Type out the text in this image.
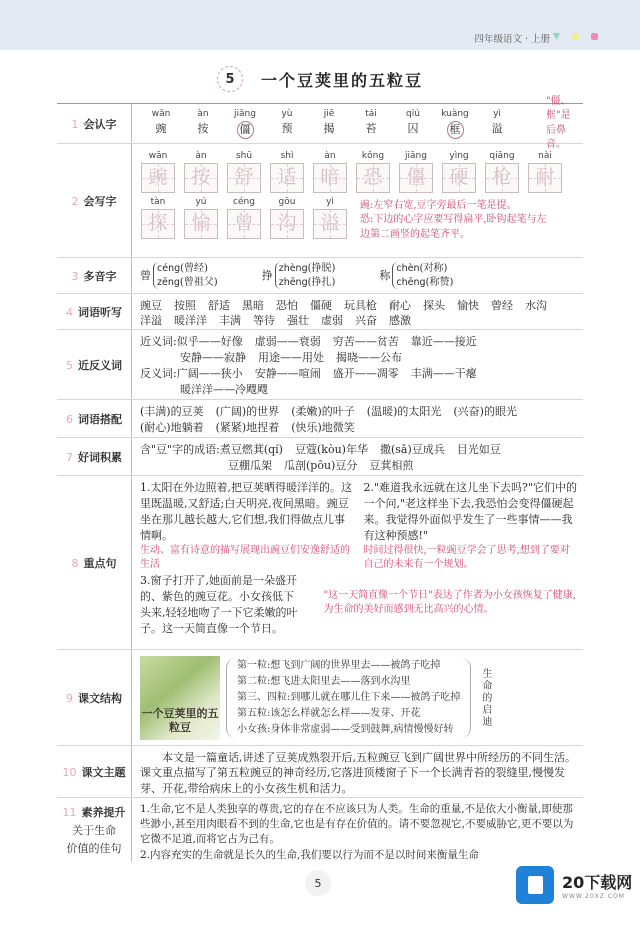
四年级语文 · 上册
5	一个豆荚里的五粒豆
1 会认字
wān
豌
àn
按
jiāng
僵
yù
预
jiē
揭
tái
苔
qiú
囚
kuàng
框
yì
溢
"僵、框"是后鼻音。
2 会写字
wān
豌
àn
按
shū
舒
shì
适
àn
暗
kǒng
恐
jiāng
僵
yìng
硬
qiāng
枪
nài
耐
tàn
探
yú
愉
céng
曾
gōu
沟
yì
溢
豌:左窄右宽,豆字旁最后一笔是提。
恐:下边的心字应要写得扁平,卧钩起笔与左边第二画竖的起笔齐平。
3 多音字 曾
céng(曾经)
zēng(曾祖父)
挣
zhèng(挣脱)
zhēng(挣扎)
称
chèn(对称)
chēng(称赞)
4 词语听写 豌豆 按照 舒适 黑暗 恐怕 僵硬 玩具枪 耐心 探头 愉快 曾经 水沟
洋溢 暖洋洋 丰满 等待 强壮 虚弱 兴奋 感激
5 近反义词
近义词:似乎——好像 虚弱——衰弱 穷苦——贫苦 靠近——接近
安静——寂静 用途——用处 揭晓——公布
反义词:广阔——狭小 安静——喧闹 盛开——凋零 丰满——干瘪
暖洋洋——冷飕飕
6 词语搭配
(丰满)的豆荚 (广阔)的世界 (柔嫩)的叶子 (温暖)的太阳光 (兴奋)的眼光
(耐心)地躺着 (紧紧)地捏着 (快乐)地微笑
7 好词积累
含"豆"字的成语:煮豆燃萁(qí) 豆蔻(kòu)年华 撒(sǎ)豆成兵 目光如豆
豆棚瓜架 瓜剖(pōu)豆分 豆萁相煎
8 重点句
1.太阳在外边照着,把豆荚晒得暖洋洋的。这里既温暖,又舒适;白天明亮,夜间黑暗。豌豆坐在那儿越长越大,它们想,我们得做点儿事情啊。
生动、富有诗意的描写展现出豌豆们安逸舒适的生活
3.窗子打开了,她面前是一朵盛开的、紫色的豌豆花。小女孩低下头来,轻轻地吻了一下它柔嫩的叶子。这一天简直像一个节日。
2."难道我永远就在这儿坐下去吗?"它们中的一个问,"老这样坐下去,我恐怕会变得僵硬起来。我觉得外面似乎发生了一些事情——我有这种预感!"
时间过得很快,一粒豌豆学会了思考,想到了要对自己的未来有一个规划。
"这一天简直像一个节日"表达了作者为小女孩恢复了健康,为生命的美好而感到无比高兴的心情。
9 课文结构
一个豆荚里的五粒豆
第一粒:想飞到广阔的世界里去——被鸽子吃掉
第二粒:想飞进太阳里去——落到水沟里
第三、四粒:到哪儿就在哪儿住下来——被鸽子吃掉
第五粒:该怎么样就怎么样——发芽、开花
小女孩:身体非常虚弱——受到鼓舞,病情慢慢好转
生命的启迪
10 课文主题
本文是一篇童话,讲述了豆荚成熟裂开后,五粒豌豆飞到广阔世界中所经历的不同生活。课文重点描写了第五粒豌豆的神奇经历,它落进顶楼窗子下一个长满青苔的裂缝里,慢慢发芽、开花,带给病床上的小女孩生机和活力。
11 素养提升
关于生命
价值的佳句
1.生命,它不是人类独享的尊贵,它的存在不应该只为人类。生命的重量,不是依大小衡量,即使那些渺小,甚至用肉眼看不到的生命,它也是有存在价值的。请不要忽视它,不要威胁它,更不要以为它微不足道,而将它占为己有。
2.内容充实的生命就是长久的生命,我们要以行为而不是以时间来衡量生命
5	20下载网
WWW.20XZ.COM
